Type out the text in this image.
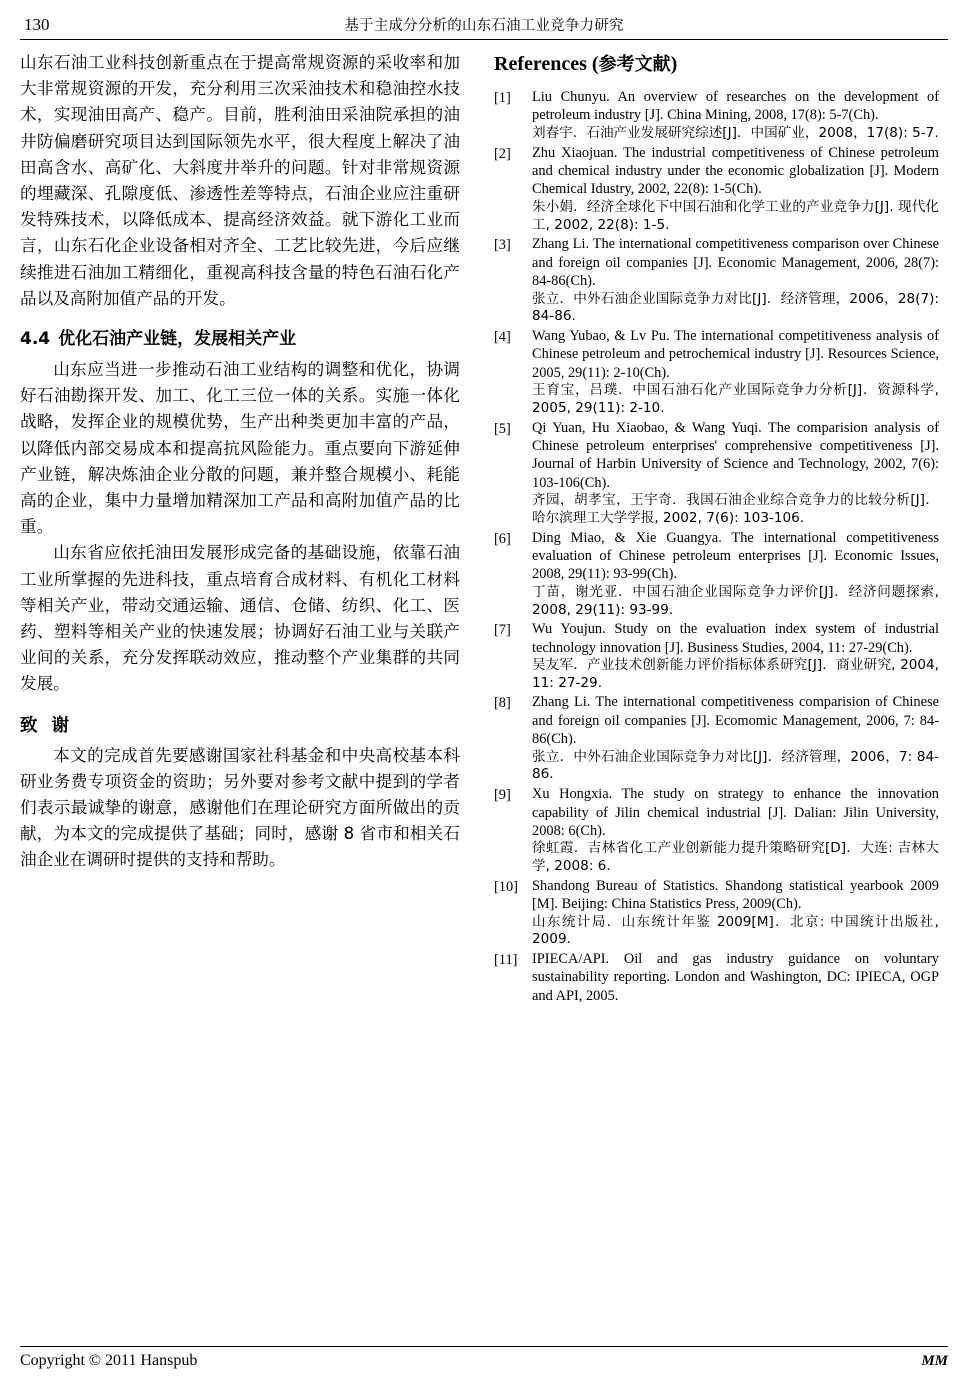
130	基于主成分分析的山东石油工业竞争力研究

山东石油工业科技创新重点在于提高常规资源的采收率和加大非常规资源的开发，充分利用三次采油技术和稳油控水技术，实现油田高产、稳产。目前，胜利油田采油院承担的油井防偏磨研究项目达到国际领先水平，很大程度上解决了油田高含水、高矿化、大斜度井举升的问题。针对非常规资源的埋藏深、孔隙度低、渗透性差等特点，石油企业应注重研发特殊技术，以降低成本、提高经济效益。就下游化工业而言，山东石化企业设备相对齐全、工艺比较先进，今后应继续推进石油加工精细化，重视高科技含量的特色石油石化产品以及高附加值产品的开发。

4.4 优化石油产业链，发展相关产业

山东应当进一步推动石油工业结构的调整和优化，协调好石油勘探开发、加工、化工三位一体的关系。实施一体化战略，发挥企业的规模优势，生产出种类更加丰富的产品，以降低内部交易成本和提高抗风险能力。重点要向下游延伸产业链，解决炼油企业分散的问题，兼并整合规模小、耗能高的企业，集中力量增加精深加工产品和高附加值产品的比重。

山东省应依托油田发展形成完备的基础设施，依靠石油工业所掌握的先进科技，重点培育合成材料、有机化工材料等相关产业，带动交通运输、通信、仓储、纺织、化工、医药、塑料等相关产业的快速发展；协调好石油工业与关联产业间的关系，充分发挥联动效应，推动整个产业集群的共同发展。

致谢

本文的完成首先要感谢国家社科基金和中央高校基本科研业务费专项资金的资助；另外要对参考文献中提到的学者们表示最诚挚的谢意，感谢他们在理论研究方面所做出的贡献，为本文的完成提供了基础；同时，感谢 8 省市和相关石油企业在调研时提供的支持和帮助。

References (参考文献)
[1]	Liu Chunyu. An overview of researches on the development of petroleum industry [J]. China Mining, 2008, 17(8): 5-7(Ch).
刘春宇．石油产业发展研究综述[J]．中国矿业，2008，17(8): 5-7.
[2]	Zhu Xiaojuan. The industrial competitiveness of Chinese petroleum and chemical industry under the economic globalization [J]. Modern Chemical Idustry, 2002, 22(8): 1-5(Ch).
朱小娟．经济全球化下中国石油和化学工业的产业竞争力[J]. 现代化工, 2002, 22(8): 1-5.
[3]	Zhang Li. The international competitiveness comparison over Chinese and foreign oil companies [J]. Economic Management, 2006, 28(7): 84-86(Ch).
张立．中外石油企业国际竞争力对比[J]．经济管理，2006，28(7): 84-86.
[4]	Wang Yubao, & Lv Pu. The international competitiveness analysis of Chinese petroleum and petrochemical industry [J]. Resources Science, 2005, 29(11): 2-10(Ch).
王育宝，吕璞．中国石油石化产业国际竞争力分析[J]．资源科学, 2005, 29(11): 2-10.
[5]	Qi Yuan, Hu Xiaobao, & Wang Yuqi. The comparision analysis of Chinese petroleum enterprises' comprehensive competitiveness [J]. Journal of Harbin University of Science and Technology, 2002, 7(6): 103-106(Ch).
齐园，胡孝宝，王宇奇．我国石油企业综合竞争力的比较分析[J]．哈尔滨理工大学学报, 2002, 7(6): 103-106.
[6]	Ding Miao, & Xie Guangya. The international competitiveness evaluation of Chinese petroleum enterprises [J]. Economic Issues, 2008, 29(11): 93-99(Ch).
丁苗，谢光亚．中国石油企业国际竞争力评价[J]．经济问题探索, 2008, 29(11): 93-99.
[7]	Wu Youjun. Study on the evaluation index system of industrial technology innovation [J]. Business Studies, 2004, 11: 27-29(Ch).
吴友军．产业技术创新能力评价指标体系研究[J]．商业研究, 2004, 11: 27-29.
[8]	Zhang Li. The international competitiveness comparision of Chinese and foreign oil companies [J]. Ecomomic Management, 2006, 7: 84-86(Ch).
张立．中外石油企业国际竞争力对比[J]．经济管理，2006，7: 84-86.
[9]	Xu Hongxia. The study on strategy to enhance the innovation capability of Jilin chemical industrial [J]. Dalian: Jilin University, 2008: 6(Ch).
徐虹霞．吉林省化工产业创新能力提升策略研究[D]．大连: 吉林大学, 2008: 6.
[10] Shandong Bureau of Statistics. Shandong statistical yearbook 2009 [M]. Beijing: China Statistics Press, 2009(Ch).
山东统计局．山东统计年鉴 2009[M]．北京: 中国统计出版社, 2009.
[11]	IPIECA/API. Oil and gas industry guidance on voluntary sustainability reporting. London and Washington, DC: IPIECA, OGP and API, 2005.
Copyright © 2011 Hanspub	MM
